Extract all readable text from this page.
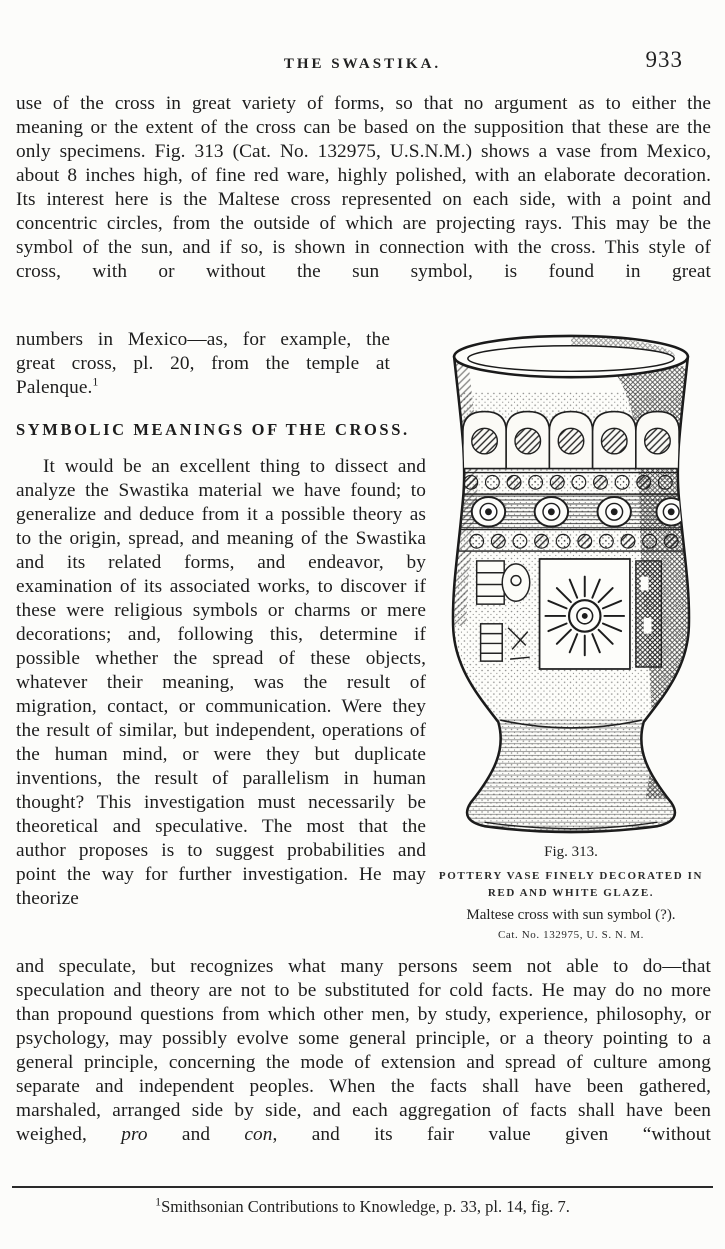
THE SWASTIKA.	933

use of the cross in great variety of forms, so that no argument as to either the meaning or the extent of the cross can be based on the supposition that these are the only specimens. Fig. 313 (Cat. No. 132975, U.S.N.M.) shows a vase from Mexico, about 8 inches high, of fine red ware, highly polished, with an elaborate decoration. Its interest here is the Maltese cross represented on each side, with a point and concentric circles, from the outside of which are projecting rays. This may be the symbol of the sun, and if so, is shown in connection with the cross. This style of cross, with or without the sun symbol, is found in great

numbers in Mexico—as, for example, the great cross, pl. 20, from the temple at Palenque.$^1$

SYMBOLIC MEANINGS OF THE CROSS.

It would be an excellent thing to dissect and analyze the Swastika material we have found; to generalize and deduce from it a possible theory as to the origin, spread, and meaning of the Swastika and its related forms, and endeavor, by examination of its associated works, to discover if these were religious symbols or charms or mere decorations; and, following this, determine if possible whether the spread of these objects, whatever their meaning, was the result of migration, contact, or communication. Were they the result of similar, but independent, operations of the human mind, or were they but duplicate inventions, the result of parallelism in human thought? This investigation must necessarily be theoretical and speculative. The most that the author proposes is to suggest probabilities and point the way for further investigation. He may theorize

and speculate, but recognizes what many persons seem not able to do—that speculation and theory are not to be substituted for cold facts. He may do no more than propound questions from which other men, by study, experience, philosophy, or psychology, may possibly evolve some general principle, or a theory pointing to a general principle, concerning the mode of extension and spread of culture among separate and independent peoples. When the facts shall have been gathered, marshaled, arranged side by side, and each aggregation of facts shall have been weighed, pro and con, and its fair value given “without

Fig. 313.
POTTERY VASE FINELY DECORATED IN
RED AND WHITE GLAZE.
Maltese cross with sun symbol (?).
Cat. No. 132975, U. S. N. M.
$^1$Smithsonian Contributions to Knowledge, p. 33, pl. 14, fig. 7.
